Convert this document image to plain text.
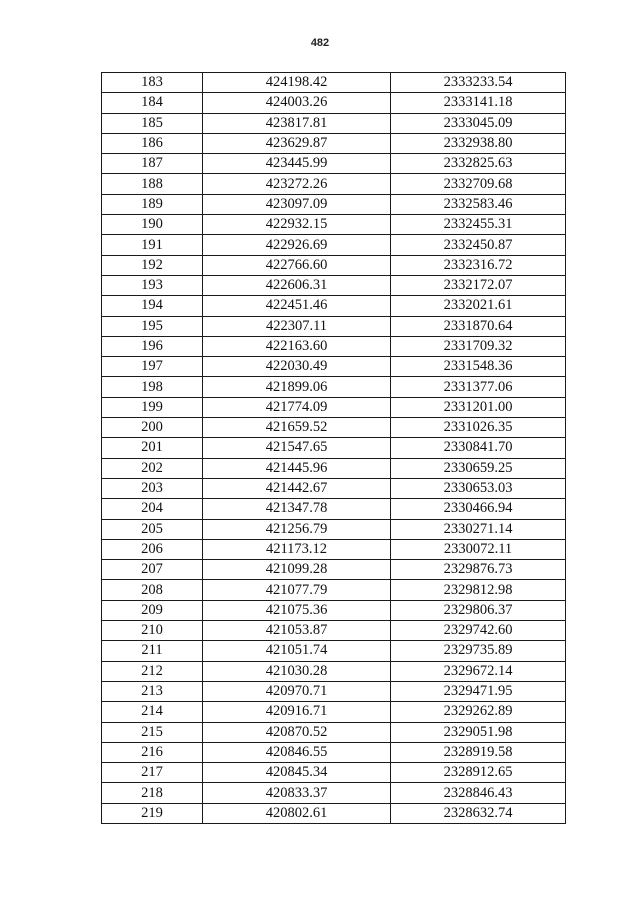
482
183	424198.42	2333233.54
184	424003.26	2333141.18
185	423817.81	2333045.09
186	423629.87	2332938.80
187	423445.99	2332825.63
188	423272.26	2332709.68
189	423097.09	2332583.46
190	422932.15	2332455.31
191	422926.69	2332450.87
192	422766.60	2332316.72
193	422606.31	2332172.07
194	422451.46	2332021.61
195	422307.11	2331870.64
196	422163.60	2331709.32
197	422030.49	2331548.36
198	421899.06	2331377.06
199	421774.09	2331201.00
200	421659.52	2331026.35
201	421547.65	2330841.70
202	421445.96	2330659.25
203	421442.67	2330653.03
204	421347.78	2330466.94
205	421256.79	2330271.14
206	421173.12	2330072.11
207	421099.28	2329876.73
208	421077.79	2329812.98
209	421075.36	2329806.37
210	421053.87	2329742.60
211	421051.74	2329735.89
212	421030.28	2329672.14
213	420970.71	2329471.95
214	420916.71	2329262.89
215	420870.52	2329051.98
216	420846.55	2328919.58
217	420845.34	2328912.65
218	420833.37	2328846.43
219	420802.61	2328632.74
